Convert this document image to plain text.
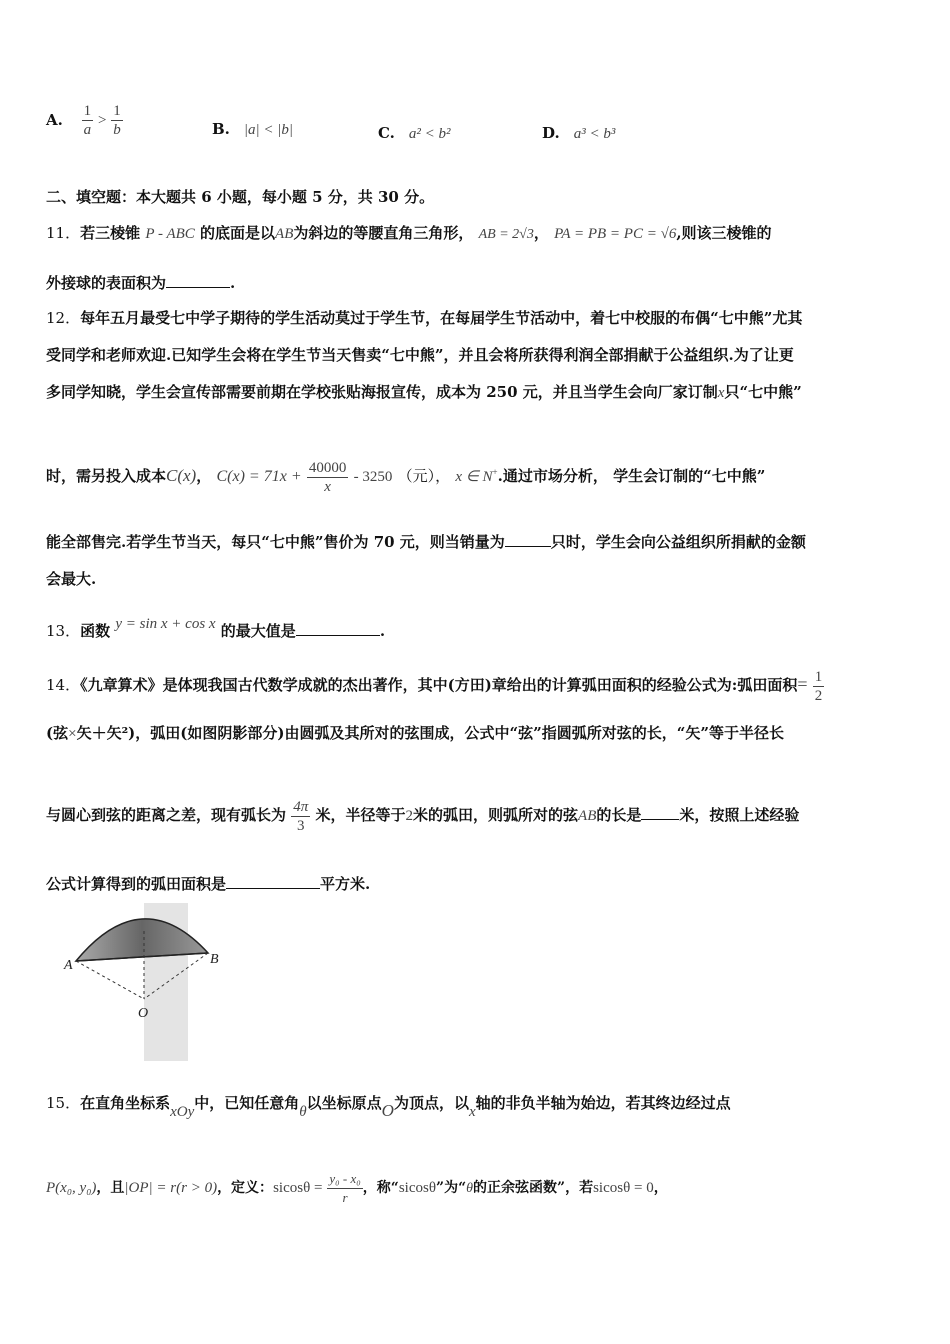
A. $\frac{1}{a} > \frac{1}{b}$	B. |a| < |b|	C. a² < b²	D. a³ < b³
二、填空题：本大题共 6 小题，每小题 5 分，共 30 分。
11．若三棱锥 P - ABC 的底面是以AB为斜边的等腰直角三角形， AB = 2√3， PA = PB = PC = √6,则该三棱锥的
外接球的表面积为	.
12．每年五月最受七中学子期待的学生活动莫过于学生节，在每届学生节活动中，着七中校服的布偶“七中熊”尤其
受同学和老师欢迎.已知学生会将在学生节当天售卖“七中熊”，并且会将所获得利润全部捐献于公益组织.为了让更
多同学知晓，学生会宣传部需要前期在学校张贴海报宣传，成本为 250 元，并且当学生会向厂家订制x只“七中熊”
时，需另投入成本C(x)， $C(x) = 71x + \frac{40000}{x} - 3250$ （元）， x ∈ N+.通过市场分析， 学生会订制的“七中熊”
能全部售完.若学生节当天，每只“七中熊”售价为 70 元，则当销量为	只时，学生会向公益组织所捐献的金额
会最大.
13．函数 y = sin x + cos x 的最大值是	.
14．《九章算术》是体现我国古代数学成就的杰出著作，其中(方田)章给出的计算弧田面积的经验公式为:弧田面积= $\frac{1}{2}$
(弦×矢＋矢²)，弧田(如图阴影部分)由圆弧及其所对的弦围成，公式中“弦”指圆弧所对弦的长，“矢”等于半径长
与圆心到弦的距离之差，现有弧长为 $\frac{4\pi}{3}$ 米，半径等于2米的弧田，则弧所对的弦AB的长是	米，按照上述经验
公式计算得到的弧田面积是	平方米.
A	B
O
15．在直角坐标系xOy中，已知任意角θ以坐标原点O为顶点，以x轴的非负半轴为始边，若其终边经过点
P(x₀, y₀)，且|OP| = r(r > 0)，定义：$sicos\theta = \frac{\text{y₀ - x₀}}{r}$ ，称“sicosθ”为“θ的正余弦函数”，若sicosθ = 0，
